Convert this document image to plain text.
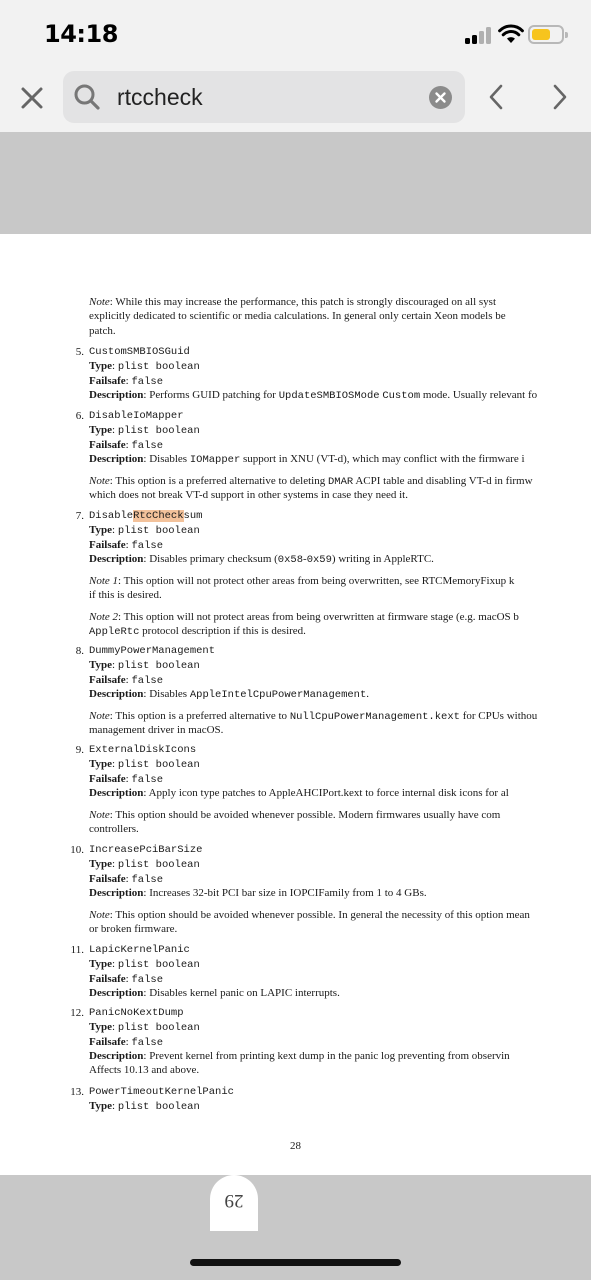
14:18
rtccheck
Note: While this may increase the performance, this patch is strongly discouraged on all syst
explicitly dedicated to scientific or media calculations. In general only certain Xeon models be
patch.
5. CustomSMBIOSGuid
Type: plist boolean
Failsafe: false
Description: Performs GUID patching for UpdateSMBIOSMode Custom mode. Usually relevant fo
6. DisableIoMapper
Type: plist boolean
Failsafe: false
Description: Disables IOMapper support in XNU (VT-d), which may conflict with the firmware i
Note: This option is a preferred alternative to deleting DMAR ACPI table and disabling VT-d in firmw
which does not break VT-d support in other systems in case they need it.
7. DisableRtcChecksum
Type: plist boolean
Failsafe: false
Description: Disables primary checksum (0x58-0x59) writing in AppleRTC.
Note 1: This option will not protect other areas from being overwritten, see RTCMemoryFixup k
if this is desired.
Note 2: This option will not protect areas from being overwritten at firmware stage (e.g. macOS b
AppleRtc protocol description if this is desired.
8. DummyPowerManagement
Type: plist boolean
Failsafe: false
Description: Disables AppleIntelCpuPowerManagement.
Note: This option is a preferred alternative to NullCpuPowerManagement.kext for CPUs withou
management driver in macOS.
9. ExternalDiskIcons
Type: plist boolean
Failsafe: false
Description: Apply icon type patches to AppleAHCIPort.kext to force internal disk icons for al
Note: This option should be avoided whenever possible. Modern firmwares usually have com
controllers.
10. IncreasePciBarSize
Type: plist boolean
Failsafe: false
Description: Increases 32-bit PCI bar size in IOPCIFamily from 1 to 4 GBs.
Note: This option should be avoided whenever possible. In general the necessity of this option mean
or broken firmware.
11. LapicKernelPanic
Type: plist boolean
Failsafe: false
Description: Disables kernel panic on LAPIC interrupts.
12. PanicNoKextDump
Type: plist boolean
Failsafe: false
Description: Prevent kernel from printing kext dump in the panic log preventing from observin
Affects 10.13 and above.
13. PowerTimeoutKernelPanic
Type: plist boolean
28
29
